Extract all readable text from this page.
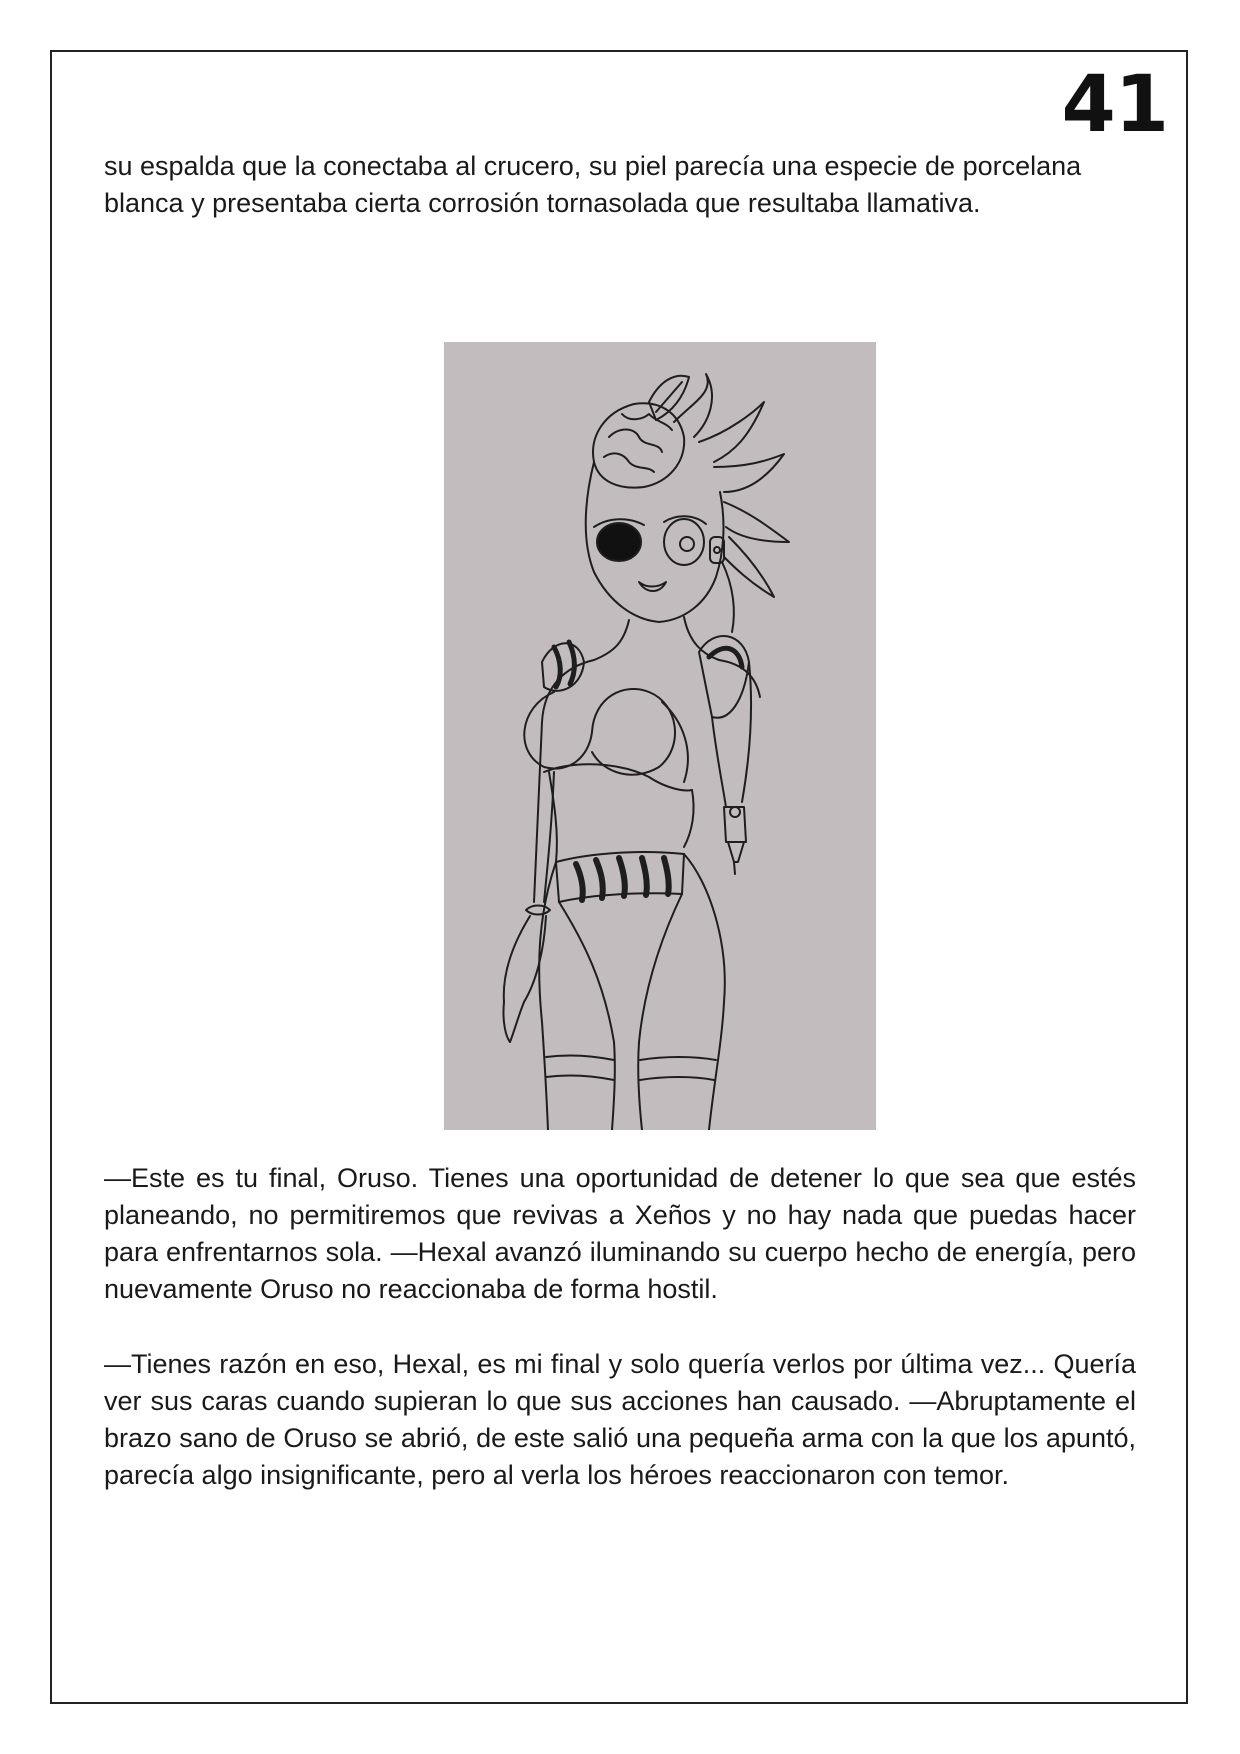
41

su espalda que la conectaba al crucero, su piel parecía una especie de porcelana blanca y presentaba cierta corrosión tornasolada que resultaba llamativa.

—Este es tu final, Oruso. Tienes una oportunidad de detener lo que sea que estés planeando, no permitiremos que revivas a Xeños y no hay nada que puedas hacer para enfrentarnos sola. —Hexal avanzó iluminando su cuerpo hecho de energía, pero nuevamente Oruso no reaccionaba de forma hostil.

—Tienes razón en eso, Hexal, es mi final y solo quería verlos por última vez... Quería ver sus caras cuando supieran lo que sus acciones han causado. —Abruptamente el brazo sano de Oruso se abrió, de este salió una pequeña arma con la que los apuntó, parecía algo insignificante, pero al verla los héroes reaccionaron con temor.
